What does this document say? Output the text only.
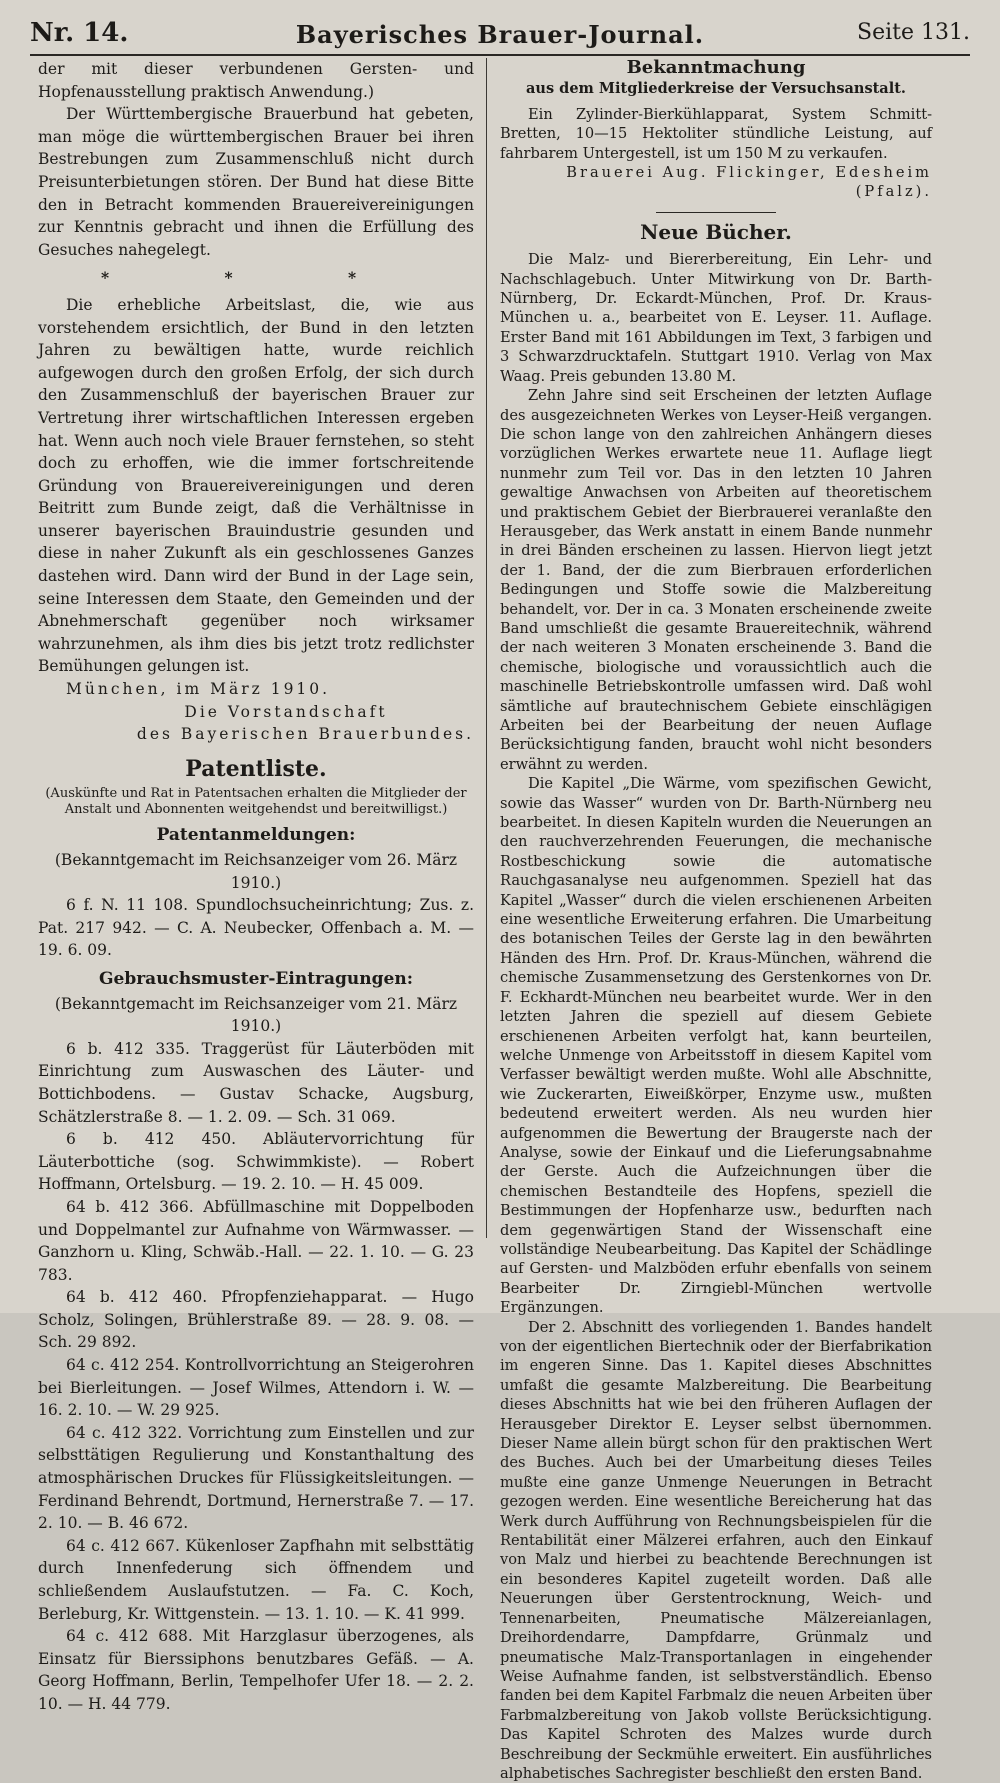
Nr. 14.	Bayerisches Brauer-Journal.	Seite 131.

der mit dieser verbundenen Gersten- und Hopfenausstellung praktisch Anwendung.)

Der Württembergische Brauerbund hat gebeten, man möge die württembergischen Brauer bei ihren Bestrebungen zum Zusammenschluß nicht durch Preisunterbietungen stören. Der Bund hat diese Bitte den in Betracht kommenden Brauereivereinigungen zur Kenntnis gebracht und ihnen die Erfüllung des Gesuches nahegelegt.

* * *

Die erhebliche Arbeitslast, die, wie aus vorstehendem ersichtlich, der Bund in den letzten Jahren zu bewältigen hatte, wurde reichlich aufgewogen durch den großen Erfolg, der sich durch den Zusammenschluß der bayerischen Brauer zur Vertretung ihrer wirtschaftlichen Interessen ergeben hat. Wenn auch noch viele Brauer fernstehen, so steht doch zu erhoffen, wie die immer fortschreitende Gründung von Brauereivereinigungen und deren Beitritt zum Bunde zeigt, daß die Verhältnisse in unserer bayerischen Brauindustrie gesunden und diese in naher Zukunft als ein geschlossenes Ganzes dastehen wird. Dann wird der Bund in der Lage sein, seine Interessen dem Staate, den Gemeinden und der Abnehmerschaft gegenüber noch wirksamer wahrzunehmen, als ihm dies bis jetzt trotz redlichster Bemühungen gelungen ist.

München, im März 1910.

Die Vorstandschaft

des Bayerischen Brauerbundes.

Patentliste.

(Auskünfte und Rat in Patentsachen erhalten die Mitglieder der Anstalt und Abonnenten weitgehendst und bereitwilligst.)

Patentanmeldungen:

(Bekanntgemacht im Reichsanzeiger vom 26. März 1910.)

6 f. N. 11 108. Spundlochsucheinrichtung; Zus. z. Pat. 217 942. — C. A. Neubecker, Offenbach a. M. — 19. 6. 09.

Gebrauchsmuster-Eintragungen:

(Bekanntgemacht im Reichsanzeiger vom 21. März 1910.)

6 b. 412 335. Traggerüst für Läuterböden mit Einrichtung zum Auswaschen des Läuter- und Bottichbodens. — Gustav Schacke, Augsburg, Schätzlerstraße 8. — 1. 2. 09. — Sch. 31 069.

6 b. 412 450. Abläutervorrichtung für Läuterbottiche (sog. Schwimmkiste). — Robert Hoffmann, Ortelsburg. — 19. 2. 10. — H. 45 009.

64 b. 412 366. Abfüllmaschine mit Doppelboden und Doppelmantel zur Aufnahme von Wärmwasser. — Ganzhorn u. Kling, Schwäb.-Hall. — 22. 1. 10. — G. 23 783.

64 b. 412 460. Pfropfenziehapparat. — Hugo Scholz, Solingen, Brühlerstraße 89. — 28. 9. 08. — Sch. 29 892.

64 c. 412 254. Kontrollvorrichtung an Steigerohren bei Bierleitungen. — Josef Wilmes, Attendorn i. W. — 16. 2. 10. — W. 29 925.

64 c. 412 322. Vorrichtung zum Einstellen und zur selbsttätigen Regulierung und Konstanthaltung des atmosphärischen Druckes für Flüssigkeitsleitungen. — Ferdinand Behrendt, Dortmund, Hernerstraße 7. — 17. 2. 10. — B. 46 672.

64 c. 412 667. Kükenloser Zapfhahn mit selbsttätig durch Innenfederung sich öffnendem und schließendem Auslaufstutzen. — Fa. C. Koch, Berleburg, Kr. Wittgenstein. — 13. 1. 10. — K. 41 999.

64 c. 412 688. Mit Harzglasur überzogenes, als Einsatz für Bierssiphons benutzbares Gefäß. — A. Georg Hoffmann, Berlin, Tempelhofer Ufer 18. — 2. 2. 10. — H. 44 779.

Bekanntmachung

aus dem Mitgliederkreise der Versuchsanstalt.

Ein Zylinder-Bierkühlapparat, System Schmitt-Bretten, 10—15 Hektoliter stündliche Leistung, auf fahrbarem Untergestell, ist um 150 M zu verkaufen.

Brauerei Aug. Flickinger, Edesheim (Pfalz).

Neue Bücher.

Die Malz- und Biererbereitung, Ein Lehr- und Nachschlagebuch. Unter Mitwirkung von Dr. Barth-Nürnberg, Dr. Eckardt-München, Prof. Dr. Kraus-München u. a., bearbeitet von E. Leyser. 11. Auflage. Erster Band mit 161 Abbildungen im Text, 3 farbigen und 3 Schwarzdrucktafeln. Stuttgart 1910. Verlag von Max Waag. Preis gebunden 13.80 M.

Zehn Jahre sind seit Erscheinen der letzten Auflage des ausgezeichneten Werkes von Leyser-Heiß vergangen. Die schon lange von den zahlreichen Anhängern dieses vorzüglichen Werkes erwartete neue 11. Auflage liegt nunmehr zum Teil vor. Das in den letzten 10 Jahren gewaltige Anwachsen von Arbeiten auf theoretischem und praktischem Gebiet der Bierbrauerei veranlaßte den Herausgeber, das Werk anstatt in einem Bande nunmehr in drei Bänden erscheinen zu lassen. Hiervon liegt jetzt der 1. Band, der die zum Bierbrauen erforderlichen Bedingungen und Stoffe sowie die Malzbereitung behandelt, vor. Der in ca. 3 Monaten erscheinende zweite Band umschließt die gesamte Brauereitechnik, während der nach weiteren 3 Monaten erscheinende 3. Band die chemische, biologische und voraussichtlich auch die maschinelle Betriebskontrolle umfassen wird. Daß wohl sämtliche auf brautechnischem Gebiete einschlägigen Arbeiten bei der Bearbeitung der neuen Auflage Berücksichtigung fanden, braucht wohl nicht besonders erwähnt zu werden.

Die Kapitel „Die Wärme, vom spezifischen Gewicht, sowie das Wasser“ wurden von Dr. Barth-Nürnberg neu bearbeitet. In diesen Kapiteln wurden die Neuerungen an den rauchverzehrenden Feuerungen, die mechanische Rostbeschickung sowie die automatische Rauchgasanalyse neu aufgenommen. Speziell hat das Kapitel „Wasser“ durch die vielen erschienenen Arbeiten eine wesentliche Erweiterung erfahren. Die Umarbeitung des botanischen Teiles der Gerste lag in den bewährten Händen des Hrn. Prof. Dr. Kraus-München, während die chemische Zusammensetzung des Gerstenkornes von Dr. F. Eckhardt-München neu bearbeitet wurde. Wer in den letzten Jahren die speziell auf diesem Gebiete erschienenen Arbeiten verfolgt hat, kann beurteilen, welche Unmenge von Arbeitsstoff in diesem Kapitel vom Verfasser bewältigt werden mußte. Wohl alle Abschnitte, wie Zuckerarten, Eiweißkörper, Enzyme usw., mußten bedeutend erweitert werden. Als neu wurden hier aufgenommen die Bewertung der Braugerste nach der Analyse, sowie der Einkauf und die Lieferungsabnahme der Gerste. Auch die Aufzeichnungen über die chemischen Bestandteile des Hopfens, speziell die Bestimmungen der Hopfenharze usw., bedurften nach dem gegenwärtigen Stand der Wissenschaft eine vollständige Neubearbeitung. Das Kapitel der Schädlinge auf Gersten- und Malzböden erfuhr ebenfalls von seinem Bearbeiter Dr. Zirngiebl-München wertvolle Ergänzungen.

Der 2. Abschnitt des vorliegenden 1. Bandes handelt von der eigentlichen Biertechnik oder der Bierfabrikation im engeren Sinne. Das 1. Kapitel dieses Abschnittes umfaßt die gesamte Malzbereitung. Die Bearbeitung dieses Abschnitts hat wie bei den früheren Auflagen der Herausgeber Direktor E. Leyser selbst übernommen. Dieser Name allein bürgt schon für den praktischen Wert des Buches. Auch bei der Umarbeitung dieses Teiles mußte eine ganze Unmenge Neuerungen in Betracht gezogen werden. Eine wesentliche Bereicherung hat das Werk durch Aufführung von Rechnungsbeispielen für die Rentabilität einer Mälzerei erfahren, auch den Einkauf von Malz und hierbei zu beachtende Berechnungen ist ein besonderes Kapitel zugeteilt worden. Daß alle Neuerungen über Gerstentrocknung, Weich- und Tennenarbeiten, Pneumatische Mälzereianlagen, Dreihordendarre, Dampfdarre, Grünmalz und pneumatische Malz-Transportanlagen in eingehender Weise Aufnahme fanden, ist selbstverständlich. Ebenso fanden bei dem Kapitel Farbmalz die neuen Arbeiten über Farbmalzbereitung von Jakob vollste Berücksichtigung. Das Kapitel Schroten des Malzes wurde durch Beschreibung der Seckmühle erweitert. Ein ausführliches alphabetisches Sachregister beschließt den ersten Band.
